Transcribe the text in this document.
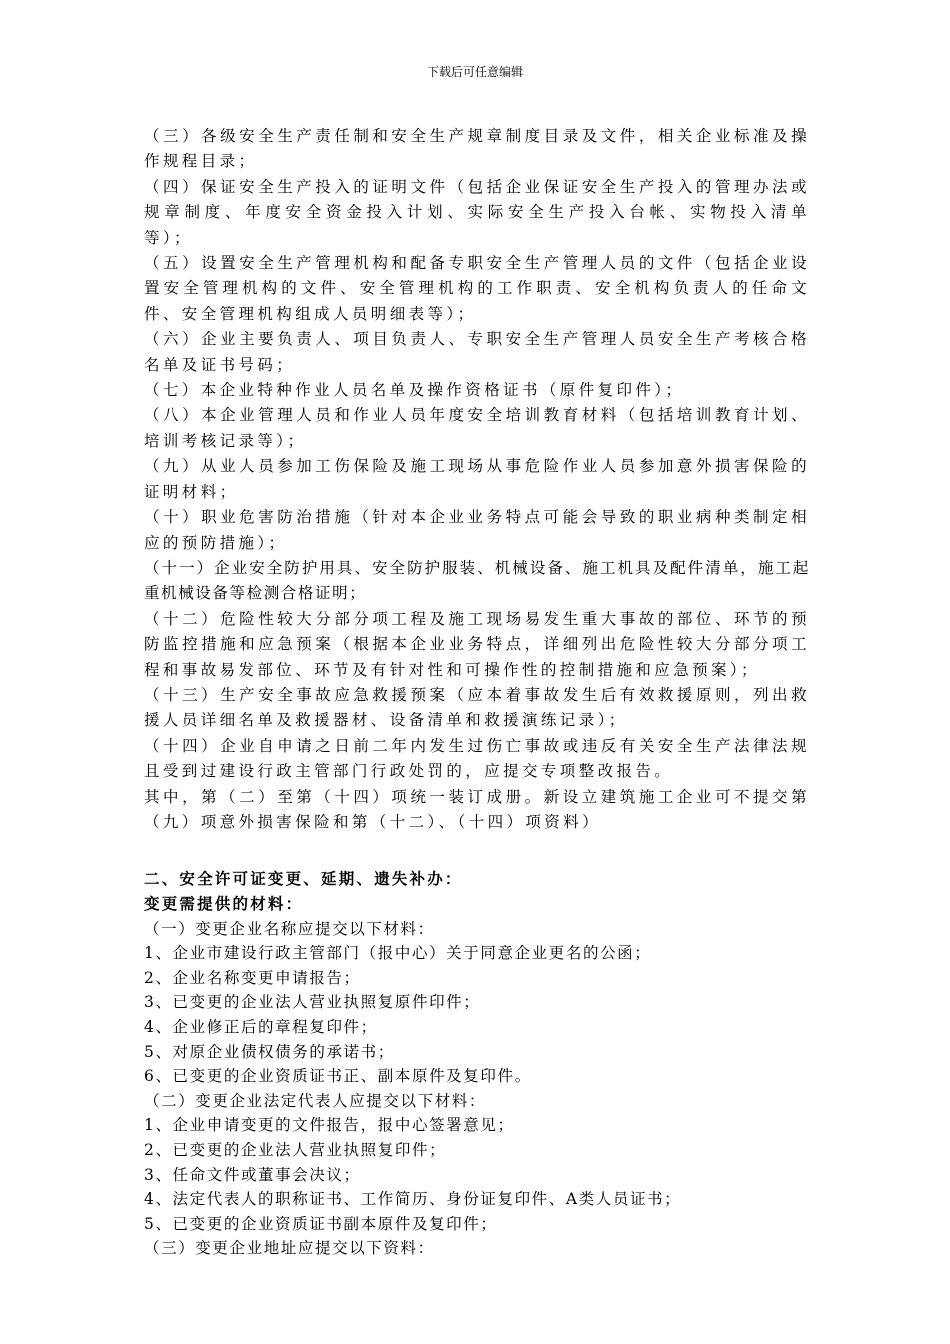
下载后可任意编辑

（三）各级安全生产责任制和安全生产规章制度目录及文件，相关企业标准及操作规程目录；

（四）保证安全生产投入的证明文件（包括企业保证安全生产投入的管理办法或规章制度、年度安全资金投入计划、实际安全生产投入台帐、实物投入清单等）；

（五）设置安全生产管理机构和配备专职安全生产管理人员的文件（包括企业设置安全管理机构的文件、安全管理机构的工作职责、安全机构负责人的任命文件、安全管理机构组成人员明细表等）；

（六）企业主要负责人、项目负责人、专职安全生产管理人员安全生产考核合格名单及证书号码；

（七）本企业特种作业人员名单及操作资格证书（原件复印件）；

（八）本企业管理人员和作业人员年度安全培训教育材料（包括培训教育计划、培训考核记录等）；

（九）从业人员参加工伤保险及施工现场从事危险作业人员参加意外损害保险的证明材料；

（十）职业危害防治措施（针对本企业业务特点可能会导致的职业病种类制定相应的预防措施）；

（十一）企业安全防护用具、安全防护服装、机械设备、施工机具及配件清单，施工起重机械设备等检测合格证明；

（十二）危险性较大分部分项工程及施工现场易发生重大事故的部位、环节的预防监控措施和应急预案（根据本企业业务特点，详细列出危险性较大分部分项工程和事故易发部位、环节及有针对性和可操作性的控制措施和应急预案）；

（十三）生产安全事故应急救援预案（应本着事故发生后有效救援原则，列出救援人员详细名单及救援器材、设备清单和救援演练记录）；

（十四）企业自申请之日前二年内发生过伤亡事故或违反有关安全生产法律法规且受到过建设行政主管部门行政处罚的，应提交专项整改报告。

其中，第（二）至第（十四）项统一装订成册。新设立建筑施工企业可不提交第（九）项意外损害保险和第（十二）、（十四）项资料）

二、安全许可证变更、延期、遗失补办：

变更需提供的材料：

（一）变更企业名称应提交以下材料：

1、企业市建设行政主管部门（报中心）关于同意企业更名的公函；

2、企业名称变更申请报告；

3、已变更的企业法人营业执照复原件印件；

4、企业修正后的章程复印件；

5、对原企业债权债务的承诺书；

6、已变更的企业资质证书正、副本原件及复印件。

（二）变更企业法定代表人应提交以下材料：

1、企业申请变更的文件报告，报中心签署意见；

2、已变更的企业法人营业执照复印件；

3、任命文件或董事会决议；

4、法定代表人的职称证书、工作简历、身份证复印件、A类人员证书；

5、已变更的企业资质证书副本原件及复印件；

（三）变更企业地址应提交以下资料：
